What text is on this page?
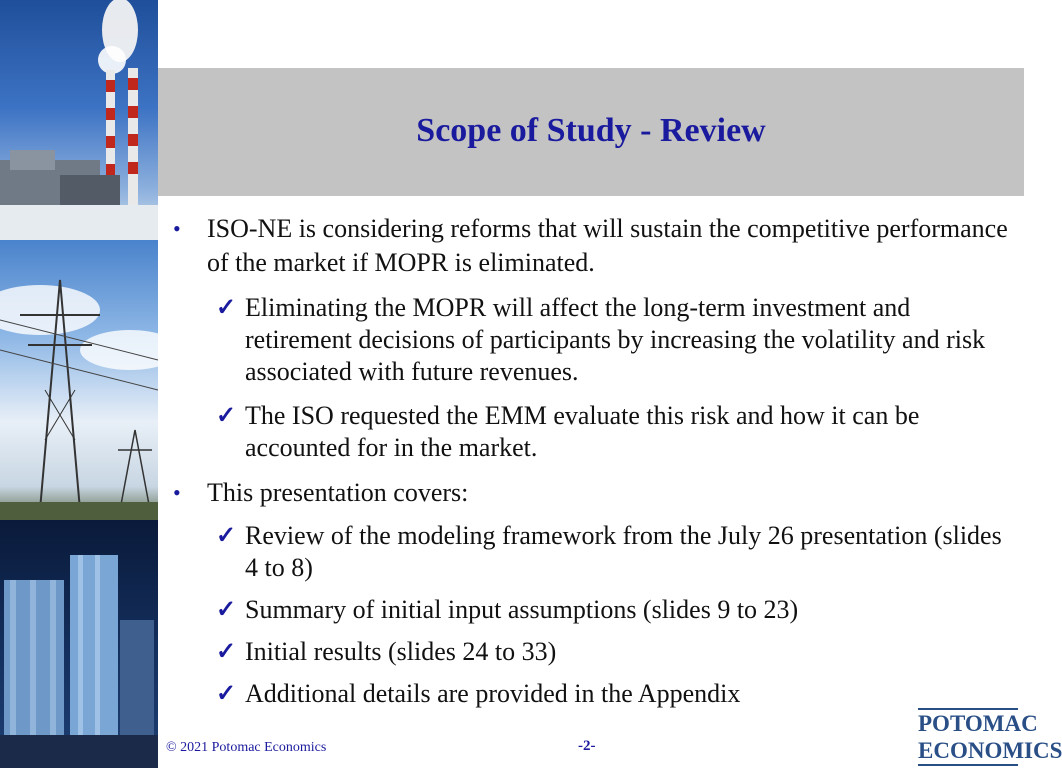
Scope of Study - Review
• ISO-NE is considering reforms that will sustain the competitive performance of the market if MOPR is eliminated.
✓ Eliminating the MOPR will affect the long-term investment and retirement decisions of participants by increasing the volatility and risk associated with future revenues.
✓ The ISO requested the EMM evaluate this risk and how it can be accounted for in the market.
• This presentation covers:
✓ Review of the modeling framework from the July 26 presentation (slides 4 to 8)
✓ Summary of initial input assumptions (slides 9 to 23)
✓ Initial results (slides 24 to 33)
✓ Additional details are provided in the Appendix
© 2021 Potomac Economics	-2-
POTOMAC
ECONOMICS
